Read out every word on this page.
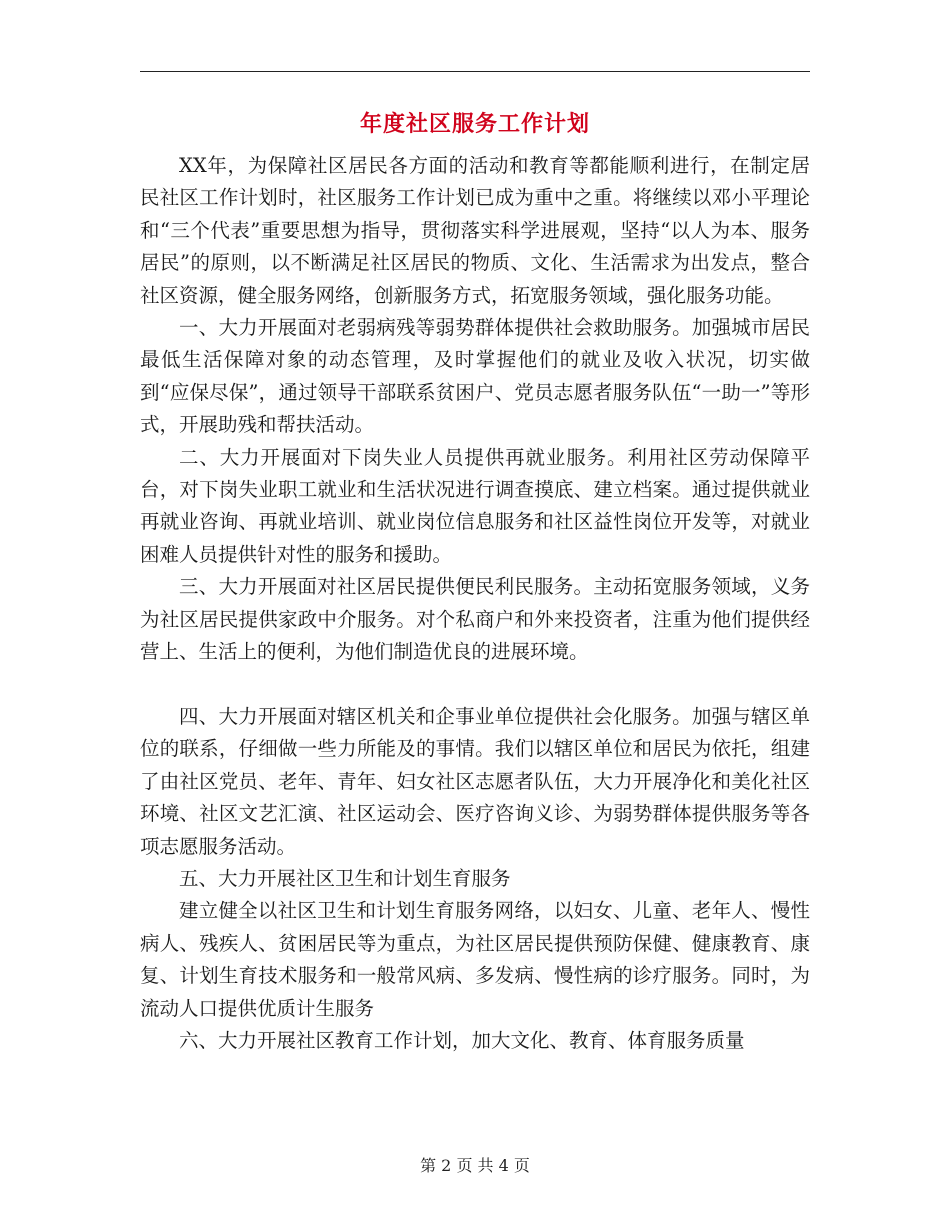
年度社区服务工作计划

XX年，为保障社区居民各方面的活动和教育等都能顺利进行，在制定居民社区工作计划时，社区服务工作计划已成为重中之重。将继续以邓小平理论和“三个代表”重要思想为指导，贯彻落实科学进展观，坚持“以人为本、服务居民”的原则，以不断满足社区居民的物质、文化、生活需求为出发点，整合社区资源，健全服务网络，创新服务方式，拓宽服务领域，强化服务功能。

一、大力开展面对老弱病残等弱势群体提供社会救助服务。加强城市居民最低生活保障对象的动态管理，及时掌握他们的就业及收入状况，切实做到“应保尽保”，通过领导干部联系贫困户、党员志愿者服务队伍“一助一”等形式，开展助残和帮扶活动。

二、大力开展面对下岗失业人员提供再就业服务。利用社区劳动保障平台，对下岗失业职工就业和生活状况进行调查摸底、建立档案。通过提供就业再就业咨询、再就业培训、就业岗位信息服务和社区益性岗位开发等，对就业困难人员提供针对性的服务和援助。

三、大力开展面对社区居民提供便民利民服务。主动拓宽服务领域，义务为社区居民提供家政中介服务。对个私商户和外来投资者，注重为他们提供经营上、生活上的便利，为他们制造优良的进展环境。

四、大力开展面对辖区机关和企事业单位提供社会化服务。加强与辖区单位的联系，仔细做一些力所能及的事情。我们以辖区单位和居民为依托，组建了由社区党员、老年、青年、妇女社区志愿者队伍，大力开展净化和美化社区环境、社区文艺汇演、社区运动会、医疗咨询义诊、为弱势群体提供服务等各项志愿服务活动。

五、大力开展社区卫生和计划生育服务

建立健全以社区卫生和计划生育服务网络，以妇女、儿童、老年人、慢性病人、残疾人、贫困居民等为重点，为社区居民提供预防保健、健康教育、康复、计划生育技术服务和一般常风病、多发病、慢性病的诊疗服务。同时，为流动人口提供优质计生服务

六、大力开展社区教育工作计划，加大文化、教育、体育服务质量

第 2 页 共 4 页
